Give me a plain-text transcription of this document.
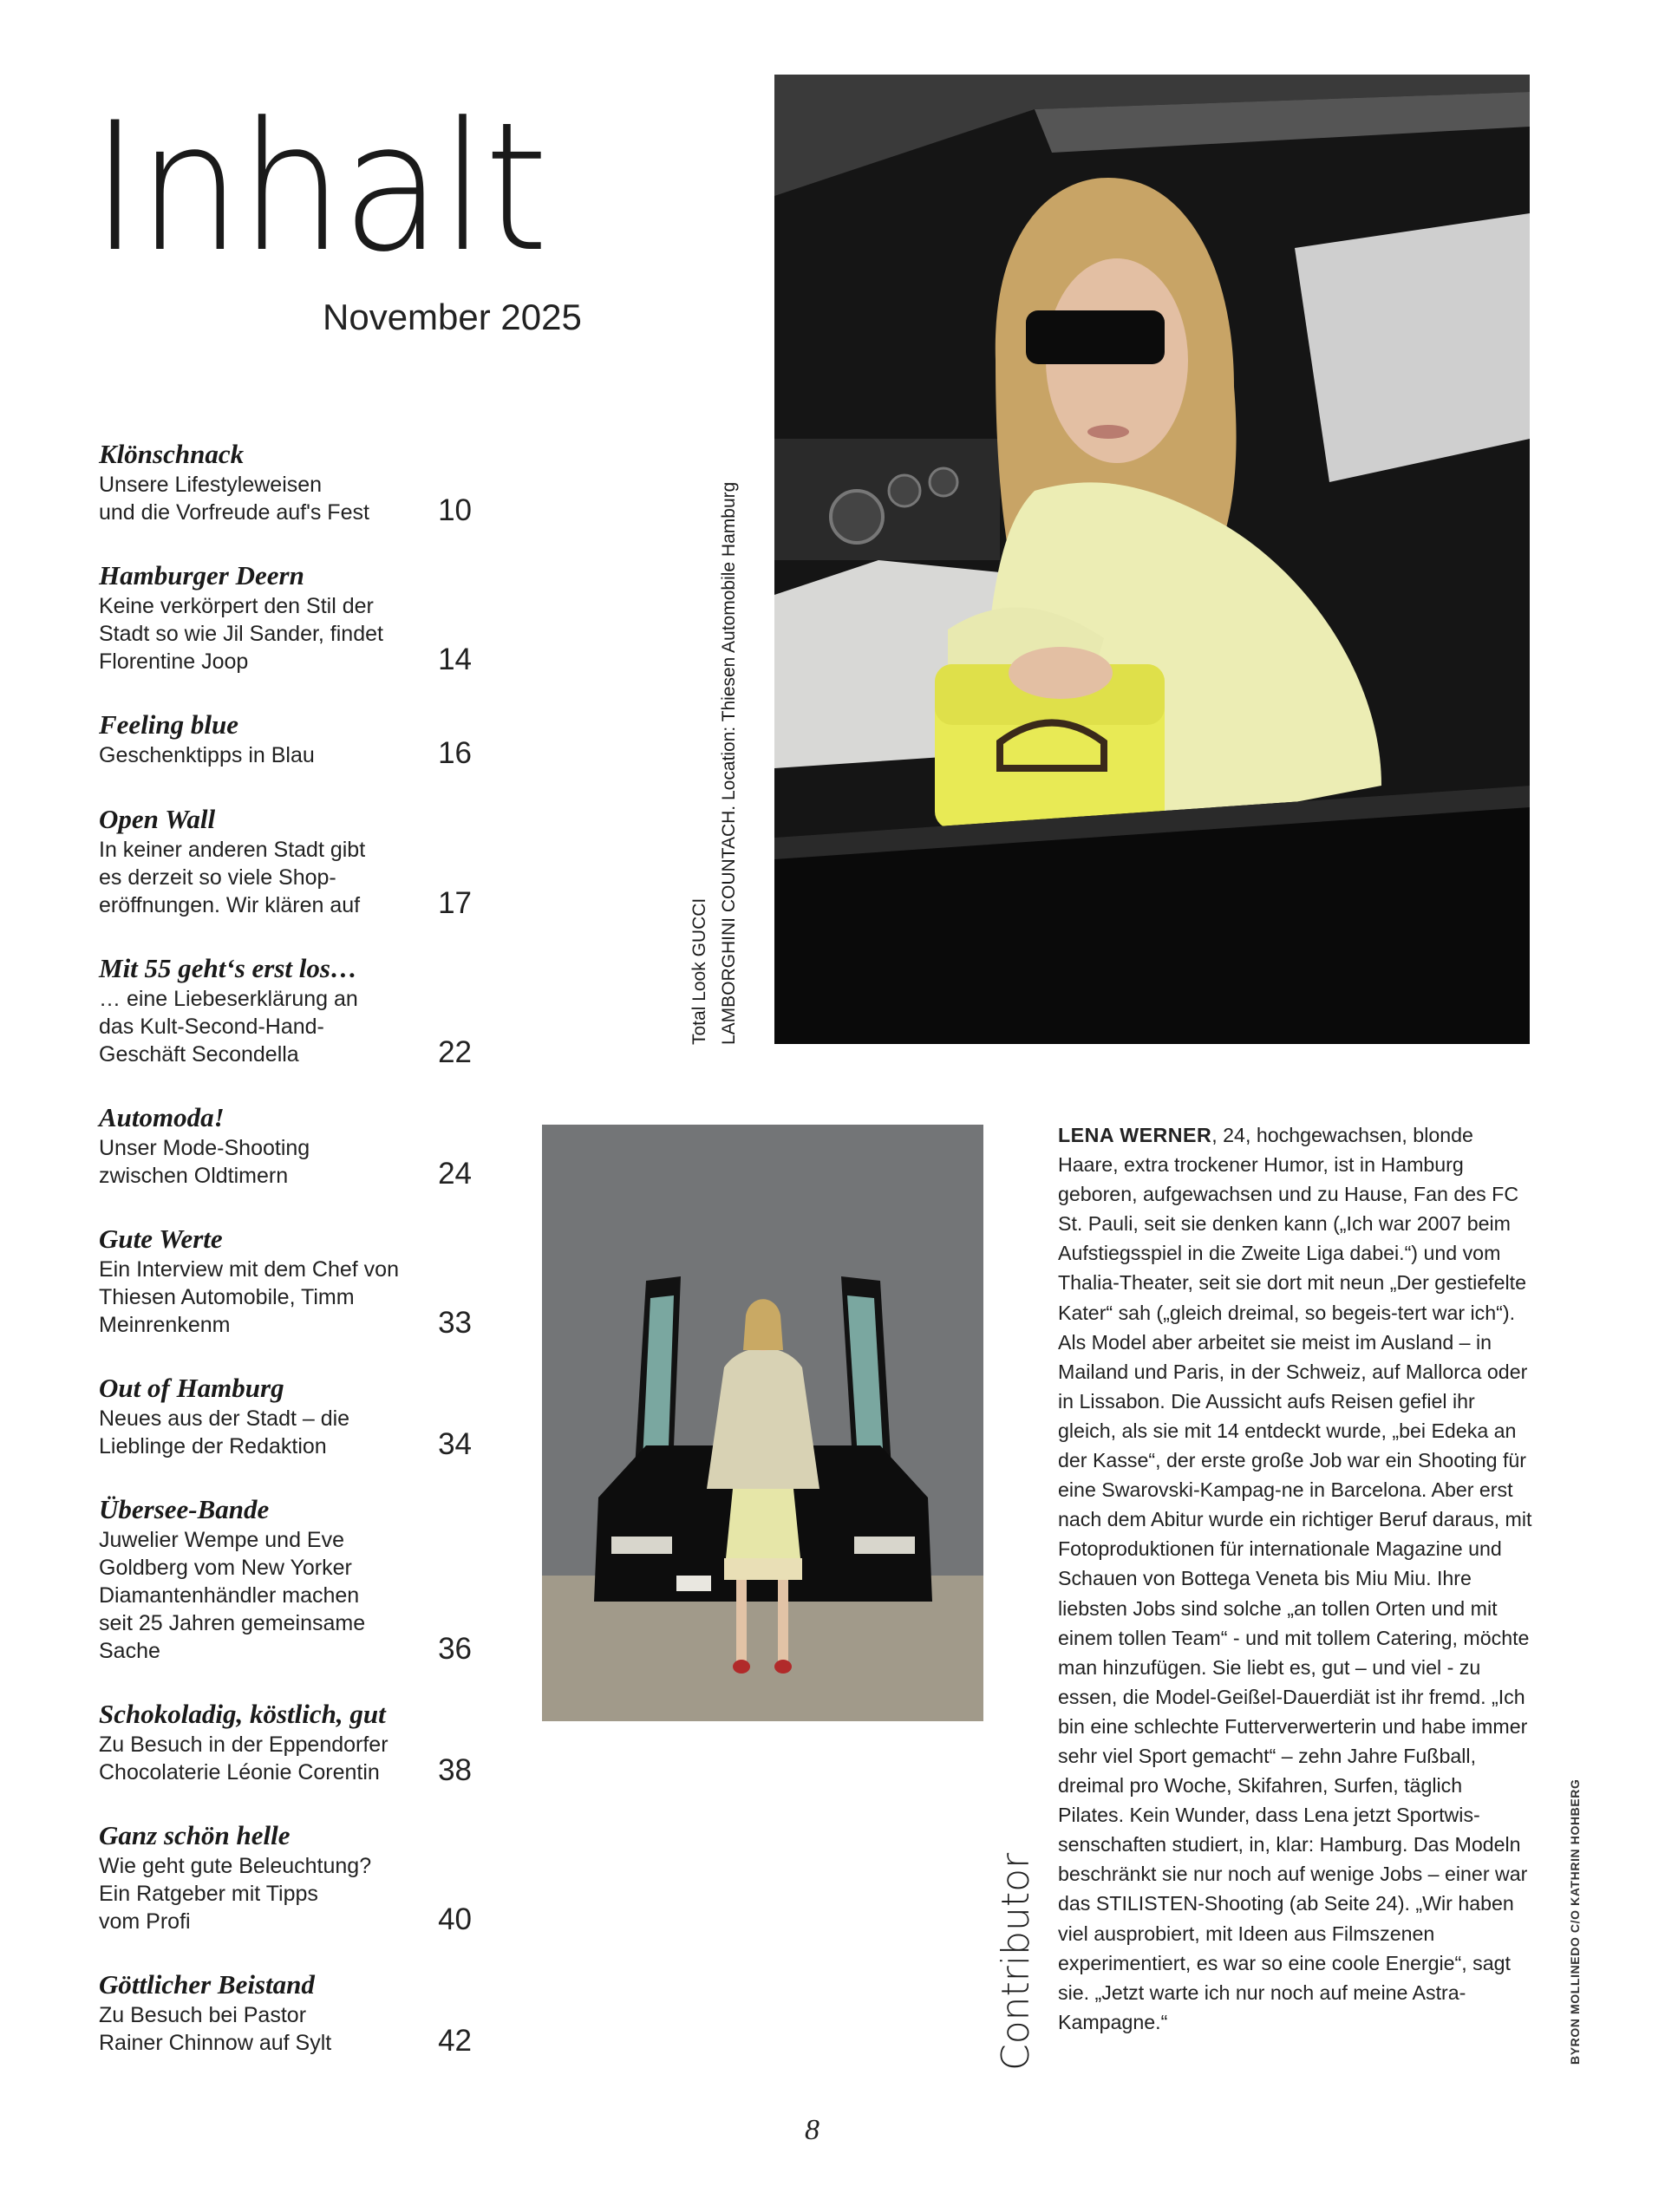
Inhalt
November 2025
Klönschnack
Unsere Lifestyleweisen
und die Vorfreude auf's Fest	10
Hamburger Deern
Keine verkörpert den Stil der
Stadt so wie Jil Sander, findet
Florentine Joop	14
Feeling blue
Geschenktipps in Blau	16
Open Wall
In keiner anderen Stadt gibt
es derzeit so viele Shop-
eröffnungen. Wir klären auf	17
Mit 55 geht‘s erst los…
… eine Liebeserklärung an
das Kult-Second-Hand-
Geschäft Secondella	22
Automoda!
Unser Mode-Shooting
zwischen Oldtimern	24
Gute Werte
Ein Interview mit dem Chef von
Thiesen Automobile, Timm
Meinrenkenm	33
Out of Hamburg
Neues aus der Stadt – die
Lieblinge der Redaktion	34
Übersee-Bande
Juwelier Wempe und Eve
Goldberg vom New Yorker
Diamantenhändler machen
seit 25 Jahren gemeinsame
Sache	36
Schokoladig, köstlich, gut
Zu Besuch in der Eppendorfer
Chocolaterie Léonie Corentin	38
Ganz schön helle
Wie geht gute Beleuchtung?
Ein Ratgeber mit Tipps
vom Profi	40
Göttlicher Beistand
Zu Besuch bei Pastor
Rainer Chinnow auf Sylt	42
Total Look GUCCI LAMBORGHINI COUNTACH. Location: Thiesen Automobile Hamburg
Contributor
LENA WERNER, 24, hochgewachsen, blonde Haare, extra trockener Humor, ist in Hamburg geboren, aufgewachsen und zu Hause, Fan des FC St. Pauli, seit sie denken kann („Ich war 2007 beim Aufstiegsspiel in die Zweite Liga dabei.“) und vom Thalia-Theater, seit sie dort mit neun „Der gestiefelte Kater“ sah („gleich dreimal, so begeis-tert war ich“). Als Model aber arbeitet sie meist im Ausland – in Mailand und Paris, in der Schweiz, auf Mallorca oder in Lissabon. Die Aussicht aufs Reisen gefiel ihr gleich, als sie mit 14 entdeckt wurde, „bei Edeka an der Kasse“, der erste große Job war ein Shooting für eine Swarovski-Kampag-ne in Barcelona. Aber erst nach dem Abitur wurde ein richtiger Beruf daraus, mit Fotoproduktionen für internationale Magazine und Schauen von Bottega Veneta bis Miu Miu. Ihre liebsten Jobs sind solche „an tollen Orten und mit einem tollen Team“ - und mit tollem Catering, möchte man hinzufügen. Sie liebt es, gut – und viel - zu essen, die Model-Geißel-Dauerdiät ist ihr fremd. „Ich bin eine schlechte Futterverwerterin und habe immer sehr viel Sport gemacht“ – zehn Jahre Fußball, dreimal pro Woche, Skifahren, Surfen, täglich Pilates. Kein Wunder, dass Lena jetzt Sportwis-senschaften studiert, in, klar: Hamburg. Das Modeln beschränkt sie nur noch auf wenige Jobs – einer war das STILISTEN-Shooting (ab Seite 24). „Wir haben viel ausprobiert, mit Ideen aus Filmszenen experimentiert, es war so eine coole Energie“, sagt sie. „Jetzt warte ich nur noch auf meine Astra-Kampagne.“	BYRON MOLLINEDO C/O KATHRIN HOHBERG
8
